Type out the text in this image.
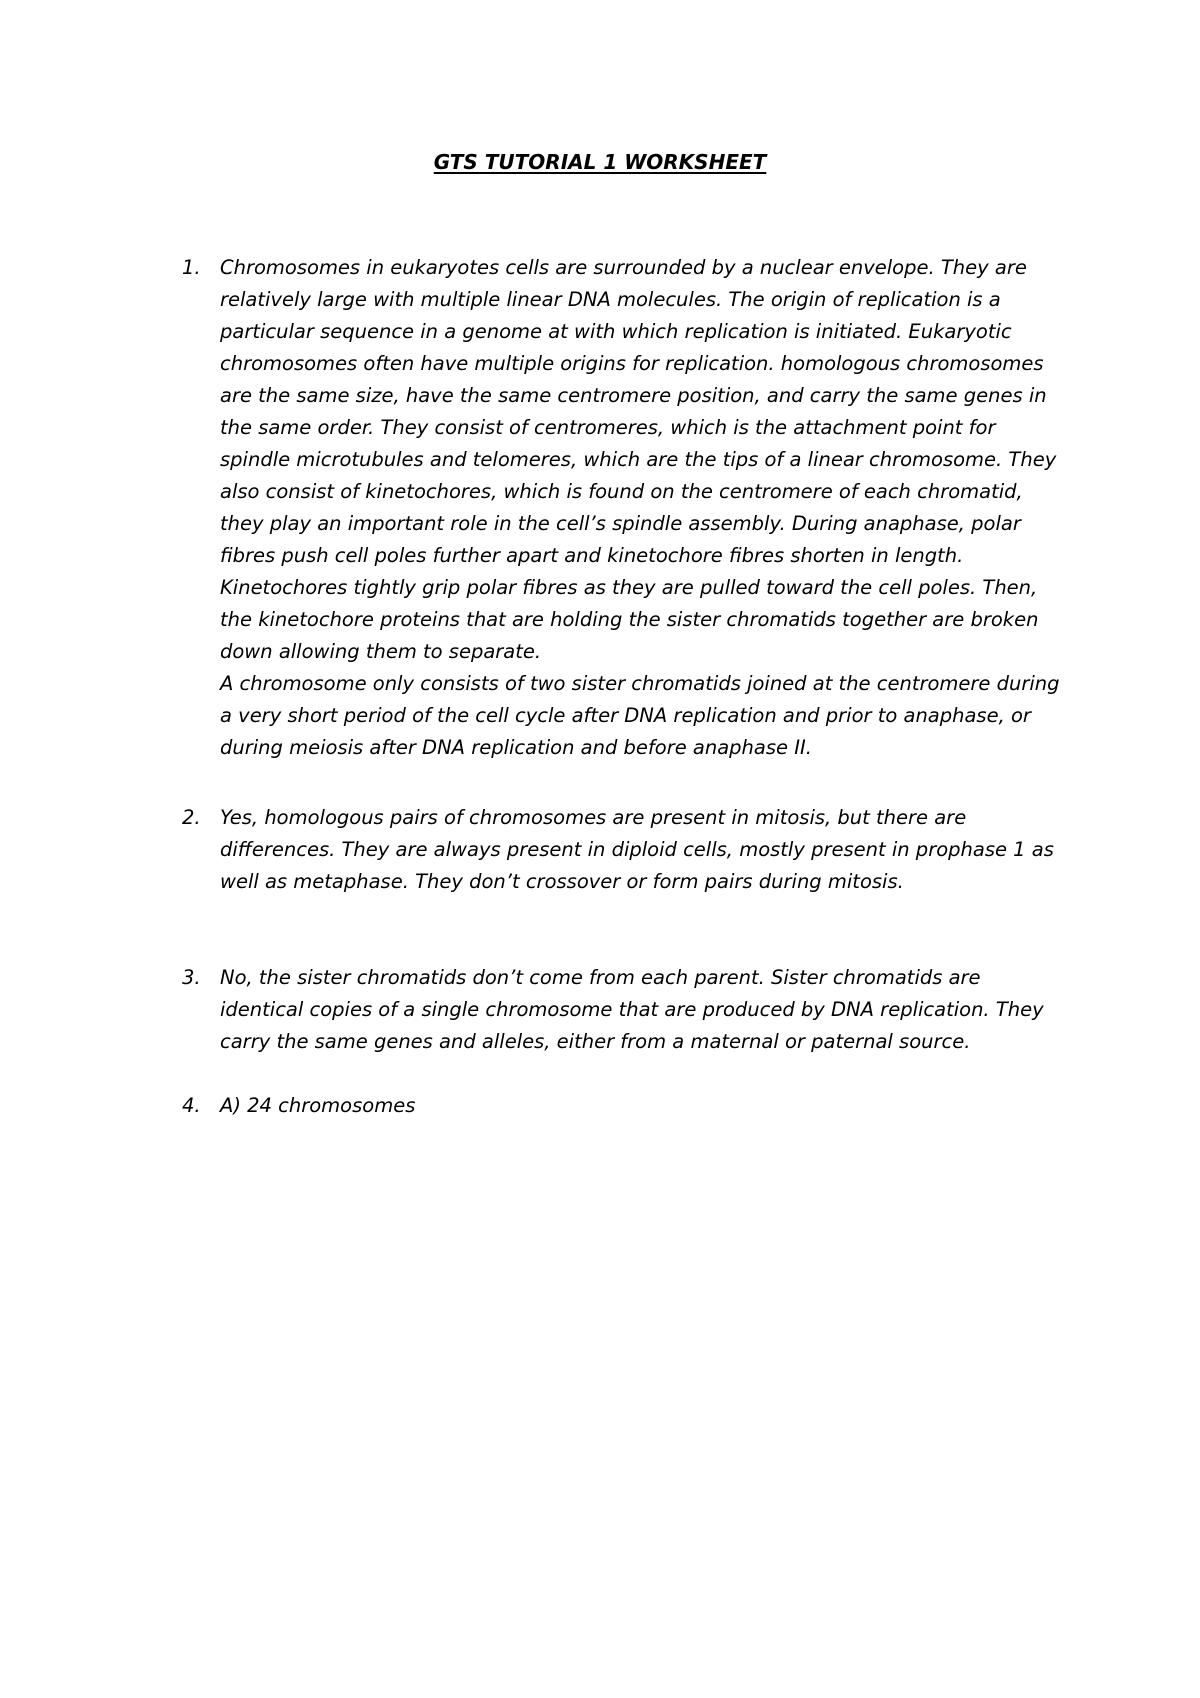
GTS TUTORIAL 1 WORKSHEET
1. Chromosomes in eukaryotes cells are surrounded by a nuclear envelope. They are relatively large with multiple linear DNA molecules. The origin of replication is a particular sequence in a genome at with which replication is initiated. Eukaryotic chromosomes often have multiple origins for replication. homologous chromosomes are the same size, have the same centromere position, and carry the same genes in the same order. They consist of centromeres, which is the attachment point for spindle microtubules and telomeres, which are the tips of a linear chromosome. They also consist of kinetochores, which is found on the centromere of each chromatid, they play an important role in the cell’s spindle assembly. During anaphase, polar fibres push cell poles further apart and kinetochore fibres shorten in length. Kinetochores tightly grip polar fibres as they are pulled toward the cell poles. Then, the kinetochore proteins that are holding the sister chromatids together are broken down allowing them to separate.

A chromosome only consists of two sister chromatids joined at the centromere during a very short period of the cell cycle after DNA replication and prior to anaphase, or during meiosis after DNA replication and before anaphase II.

2. Yes, homologous pairs of chromosomes are present in mitosis, but there are differences. They are always present in diploid cells, mostly present in prophase 1 as well as metaphase. They don’t crossover or form pairs during mitosis.

3. No, the sister chromatids don’t come from each parent. Sister chromatids are identical copies of a single chromosome that are produced by DNA replication. They carry the same genes and alleles, either from a maternal or paternal source.

4. A) 24 chromosomes
